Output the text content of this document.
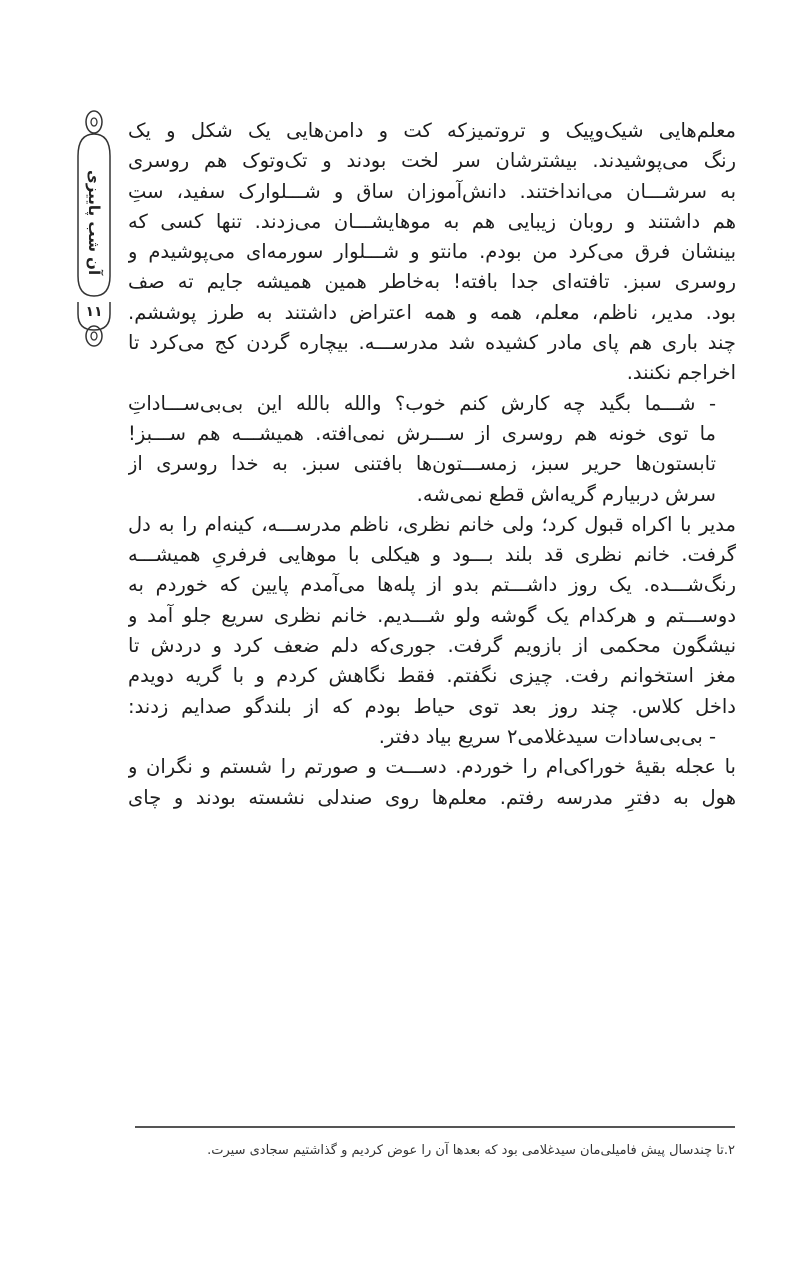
آن شب پاییزی
۱۱
معلم‌هایی شیک‌وپیک و تروتمیزکه کت و دامن‌هایی یک شکل و یک
رنگ می‌پوشیدند. بیشترشان سر لخت بودند و تک‌وتوک هم روسری
به سرشـــان می‌انداختند. دانش‌آموزان ساق و شـــلوارک سفید، ستِ
هم داشتند و روبان زیبایی هم به موهایشـــان می‌زدند. تنها کسی که
بینشان فرق می‌کرد من بودم. مانتو و شـــلوار سورمه‌ای می‌پوشیدم و
روسری سبز. تافته‌ای جدا بافته! به‌خاطر همین همیشه جایم ته صف
بود. مدیر، ناظم، معلم، همه و همه اعتراض داشتند به طرز پوششم.
چند باری هم پای مادر کشیده شد مدرســـه. بیچاره گردن کج می‌کرد تا
اخراجم نکنند.
- شـــما بگید چه کارش کنم خوب؟ والله بالله این بی‌بی‌ســـاداتِ
ما توی خونه هم روسری از ســـرش نمی‌افته. همیشـــه هم ســـبز!
تابستون‌ها حریر سبز، زمســـتون‌ها بافتنی سبز. به خدا روسری از
سرش دربیارم گریه‌اش قطع نمی‌شه.
مدیر با اکراه قبول کرد؛ ولی خانم نظری، ناظم مدرســـه، کینه‌ام را به دل
گرفت. خانم نظری قد بلند بـــود و هیکلی با موهایی فرفریِ همیشـــه
رنگ‌شـــده. یک روز داشـــتم بدو از پله‌ها می‌آمدم پایین که خوردم به
دوســـتم و هرکدام یک گوشه ولو شـــدیم. خانم نظری سریع جلو آمد و
نیشگون محکمی از بازویم گرفت. جوری‌که دلم ضعف کرد و دردش تا
مغز استخوانم رفت. چیزی نگفتم. فقط نگاهش کردم و با گریه دویدم
داخل کلاس. چند روز بعد توی حیاط بودم که از بلندگو صدایم زدند:
- بی‌بی‌سادات سیدغلامی۲ سریع بیاد دفتر.
با عجله بقیهٔ خوراکی‌ام را خوردم. دســـت و صورتم را شستم و نگران و
هول به دفترِ مدرسه رفتم. معلم‌ها روی صندلی نشسته بودند و چای
۲.تا چندسال پیش فامیلی‌مان سیدغلامی بود که بعدها آن را عوض کردیم و گذاشتیم سجادی سیرت.
